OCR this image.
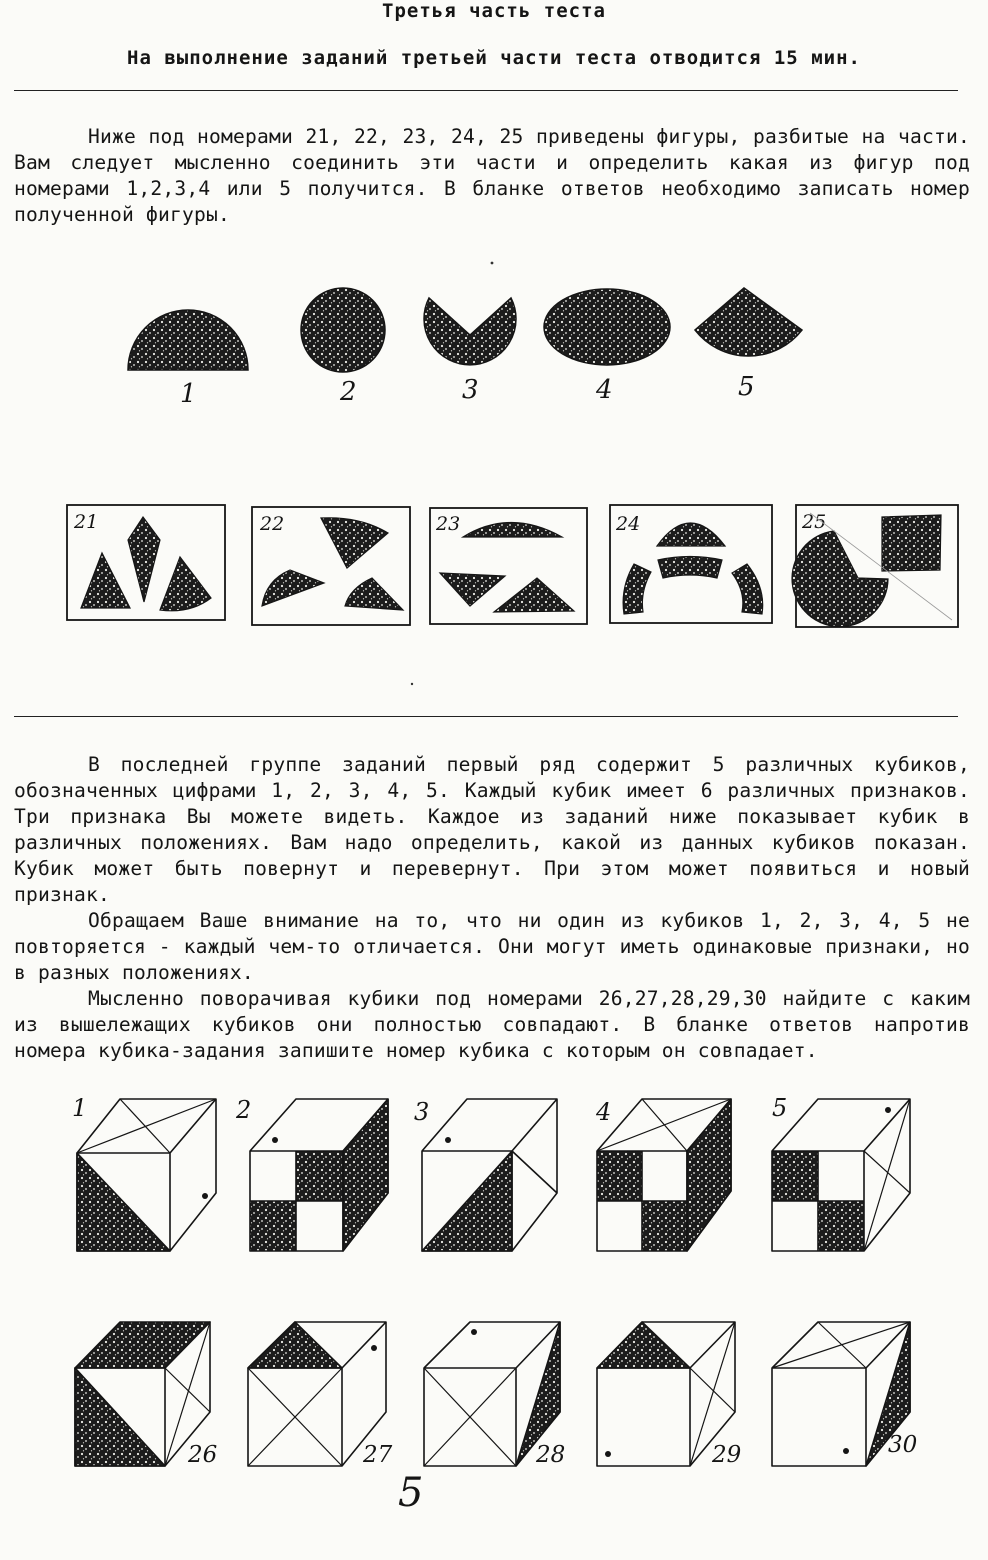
Третья часть теста
На выполнение заданий третьей части теста отводится 15 мин.

Ниже под номерами 21, 22, 23, 24, 25 приведены фигуры, разбитые на части. Вам следует мысленно соединить эти части и определить какая из фигур под номерами 1,2,3,4 или 5 получится. В бланке ответов необходимо записать номер полученной фигуры.

1	2	3	4	5
21	22	23	24	25
1	2	3	4	5
26	27	28	29	30
5

В последней группе заданий первый ряд содержит 5 различных кубиков, обозначенных цифрами 1, 2, 3, 4, 5. Каждый кубик имеет 6 различных признаков. Три признака Вы можете видеть. Каждое из заданий ниже показывает кубик в различных положениях. Вам надо определить, какой из данных кубиков показан. Кубик может быть повернут и перевернут. При этом может появиться и новый признак.

Обращаем Ваше внимание на то, что ни один из кубиков 1, 2, 3, 4, 5 не повторяется - каждый чем-то отличается. Они могут иметь одинаковые признаки, но в разных положениях.

Мысленно поворачивая кубики под номерами 26,27,28,29,30 найдите с каким из вышележащих кубиков они полностью совпадают. В бланке ответов напротив номера кубика-задания запишите номер кубика с которым он совпадает.
